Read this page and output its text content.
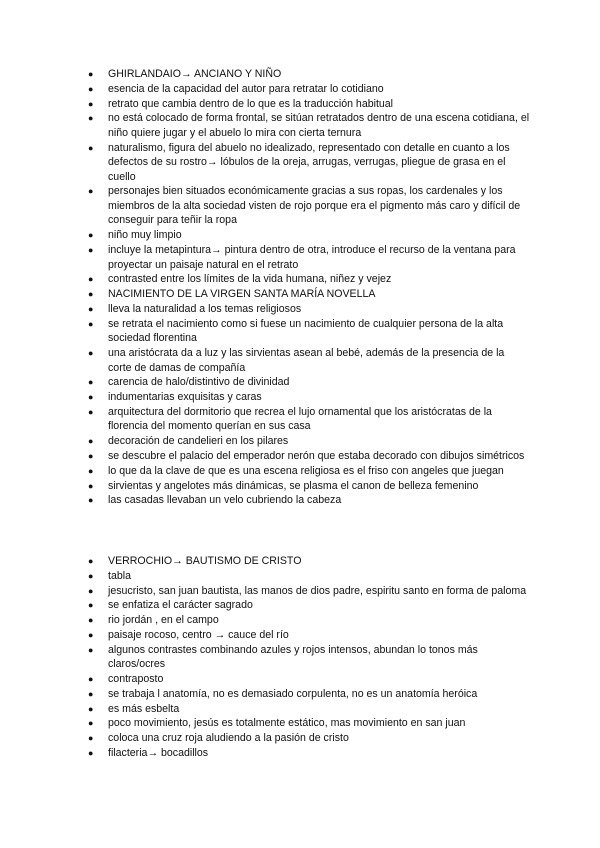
● GHIRLANDAIO→ ANCIANO Y NIÑO
● esencia de la capacidad del autor para retratar lo cotidiano
● retrato que cambia dentro de lo que es la traducción habitual
● no está colocado de forma frontal, se sitúan retratados dentro de una escena cotidiana, el niño quiere jugar y el abuelo lo mira con cierta ternura
● naturalismo, figura del abuelo no idealizado, representado con detalle en cuanto a los defectos de su rostro→ lóbulos de la oreja, arrugas, verrugas, pliegue de grasa en el cuello
● personajes bien situados económicamente gracias a sus ropas, los cardenales y los miembros de la alta sociedad visten de rojo porque era el pigmento más caro y difícil de conseguir para teñir la ropa
● niño muy limpio
● incluye la metapintura→ pintura dentro de otra, introduce el recurso de la ventana para proyectar un paisaje natural en el retrato
● contrasted entre los límites de la vida humana, niñez y vejez
● NACIMIENTO DE LA VIRGEN SANTA MARÍA NOVELLA
● lleva la naturalidad a los temas religiosos
● se retrata el nacimiento como si fuese un nacimiento de cualquier persona de la alta sociedad florentina
● una aristócrata da a luz y las sirvientas asean al bebé, además de la presencia de la corte de damas de compañía
● carencia de halo/distintivo de divinidad
● indumentarias exquisitas y caras
● arquitectura del dormitorio que recrea el lujo ornamental que los aristócratas de la florencia del momento querían en sus casa
● decoración de candelieri en los pilares
● se descubre el palacio del emperador nerón que estaba decorado con dibujos simétricos
● lo que da la clave de que es una escena religiosa es el friso con angeles que juegan
● sirvientas y angelotes más dinámicas, se plasma el canon de belleza femenino
● las casadas llevaban un velo cubriendo la cabeza
● VERROCHIO→ BAUTISMO DE CRISTO
● tabla
● jesucristo, san juan bautista, las manos de dios padre, espiritu santo en forma de paloma
● se enfatiza el carácter sagrado
● rio jordán , en el campo
● paisaje rocoso, centro → cauce del río
● algunos contrastes combinando azules y rojos intensos, abundan lo tonos más claros/ocres
● contraposto
● se trabaja l anatomía, no es demasiado corpulenta, no es un anatomía heróica
● es más esbelta
● poco movimiento, jesús es totalmente estático, mas movimiento en san juan
● coloca una cruz roja aludiendo a la pasión de cristo
● filacteria→ bocadillos
